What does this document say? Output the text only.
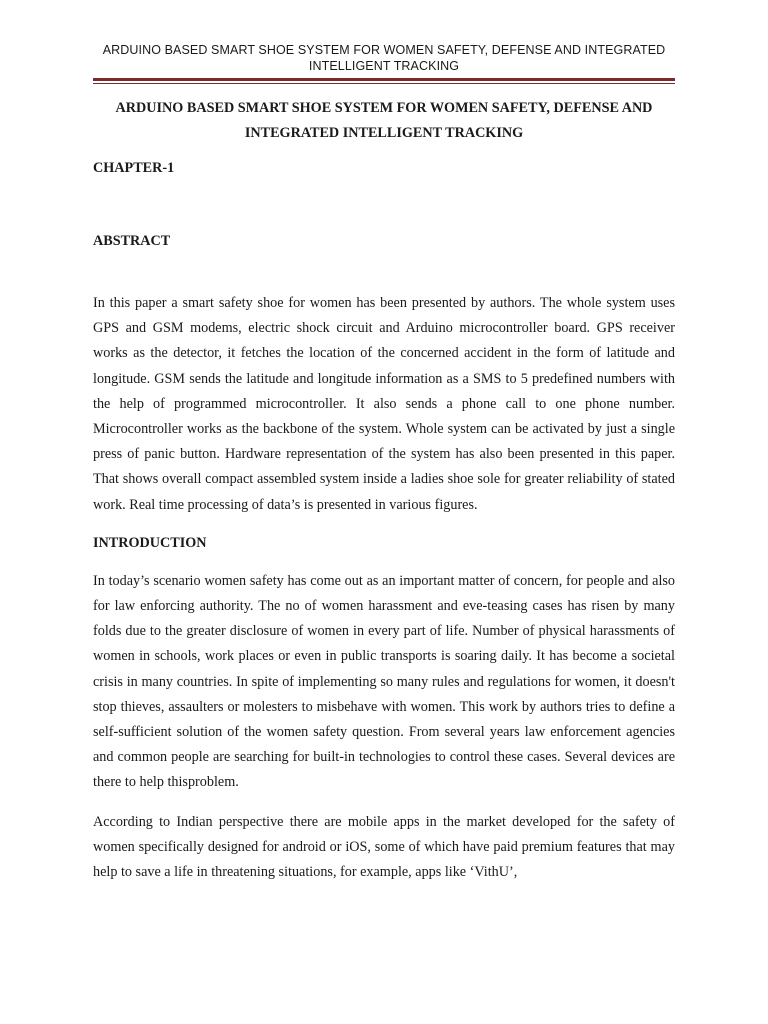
ARDUINO BASED SMART SHOE SYSTEM FOR WOMEN SAFETY, DEFENSE AND INTEGRATED INTELLIGENT TRACKING

ARDUINO BASED SMART SHOE SYSTEM FOR WOMEN SAFETY, DEFENSE AND INTEGRATED INTELLIGENT TRACKING

CHAPTER-1

ABSTRACT

In this paper a smart safety shoe for women has been presented by authors. The whole system uses GPS and GSM modems, electric shock circuit and Arduino microcontroller board. GPS receiver works as the detector, it fetches the location of the concerned accident in the form of latitude and longitude. GSM sends the latitude and longitude information as a SMS to 5 predefined numbers with the help of programmed microcontroller. It also sends a phone call to one phone number. Microcontroller works as the backbone of the system. Whole system can be activated by just a single press of panic button. Hardware representation of the system has also been presented in this paper. That shows overall compact assembled system inside a ladies shoe sole for greater reliability of stated work. Real time processing of data’s is presented in various figures.

INTRODUCTION

In today’s scenario women safety has come out as an important matter of concern, for people and also for law enforcing authority. The no of women harassment and eve-teasing cases has risen by many folds due to the greater disclosure of women in every part of life. Number of physical harassments of women in schools, work places or even in public transports is soaring daily. It has become a societal crisis in many countries. In spite of implementing so many rules and regulations for women, it doesn't stop thieves, assaulters or molesters to misbehave with women. This work by authors tries to define a self-sufficient solution of the women safety question. From several years law enforcement agencies and common people are searching for built-in technologies to control these cases. Several devices are there to help thisproblem.

According to Indian perspective there are mobile apps in the market developed for the safety of women specifically designed for android or iOS, some of which have paid premium features that may help to save a life in threatening situations, for example, apps like ‘VithU’,
